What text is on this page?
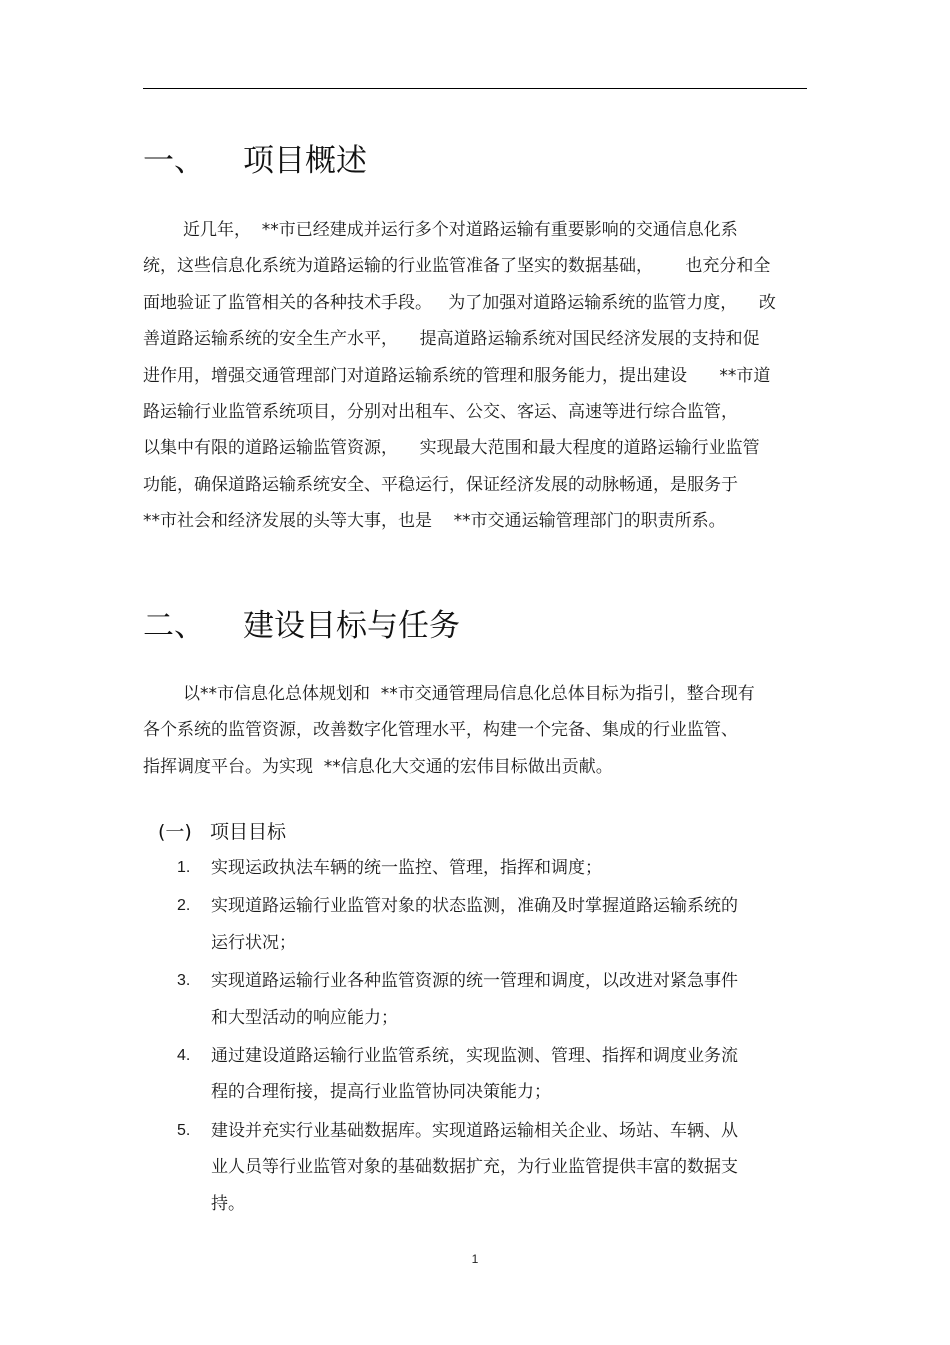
一、 项目概述
近几年，  **市已经建成并运行多个对道路运输有重要影响的交通信息化系
统，这些信息化系统为道路运输的行业监管准备了坚实的数据基础，      也充分和全
面地验证了监管相关的各种技术手段。   为了加强对道路运输系统的监管力度，    改
善道路运输系统的安全生产水平，    提高道路运输系统对国民经济发展的支持和促
进作用，增强交通管理部门对道路运输系统的管理和服务能力，提出建设      **市道
路运输行业监管系统项目，分别对出租车、公交、客运、高速等进行综合监管，
以集中有限的道路运输监管资源，    实现最大范围和最大程度的道路运输行业监管
功能，确保道路运输系统安全、平稳运行，保证经济发展的动脉畅通，是服务于
**市社会和经济发展的头等大事，也是    **市交通运输管理部门的职责所系。
二、 建设目标与任务
以**市信息化总体规划和  **市交通管理局信息化总体目标为指引，整合现有
各个系统的监管资源，改善数字化管理水平，构建一个完备、集成的行业监管、
指挥调度平台。为实现  **信息化大交通的宏伟目标做出贡献。
(一)   项目目标
1. 实现运政执法车辆的统一监控、管理，指挥和调度；
2. 实现道路运输行业监管对象的状态监测，准确及时掌握道路运输系统的
运行状况；
3. 实现道路运输行业各种监管资源的统一管理和调度，以改进对紧急事件
和大型活动的响应能力；
4. 通过建设道路运输行业监管系统，实现监测、管理、指挥和调度业务流
程的合理衔接，提高行业监管协同决策能力；
5. 建设并充实行业基础数据库。实现道路运输相关企业、场站、车辆、从
业人员等行业监管对象的基础数据扩充，为行业监管提供丰富的数据支
持。
1
